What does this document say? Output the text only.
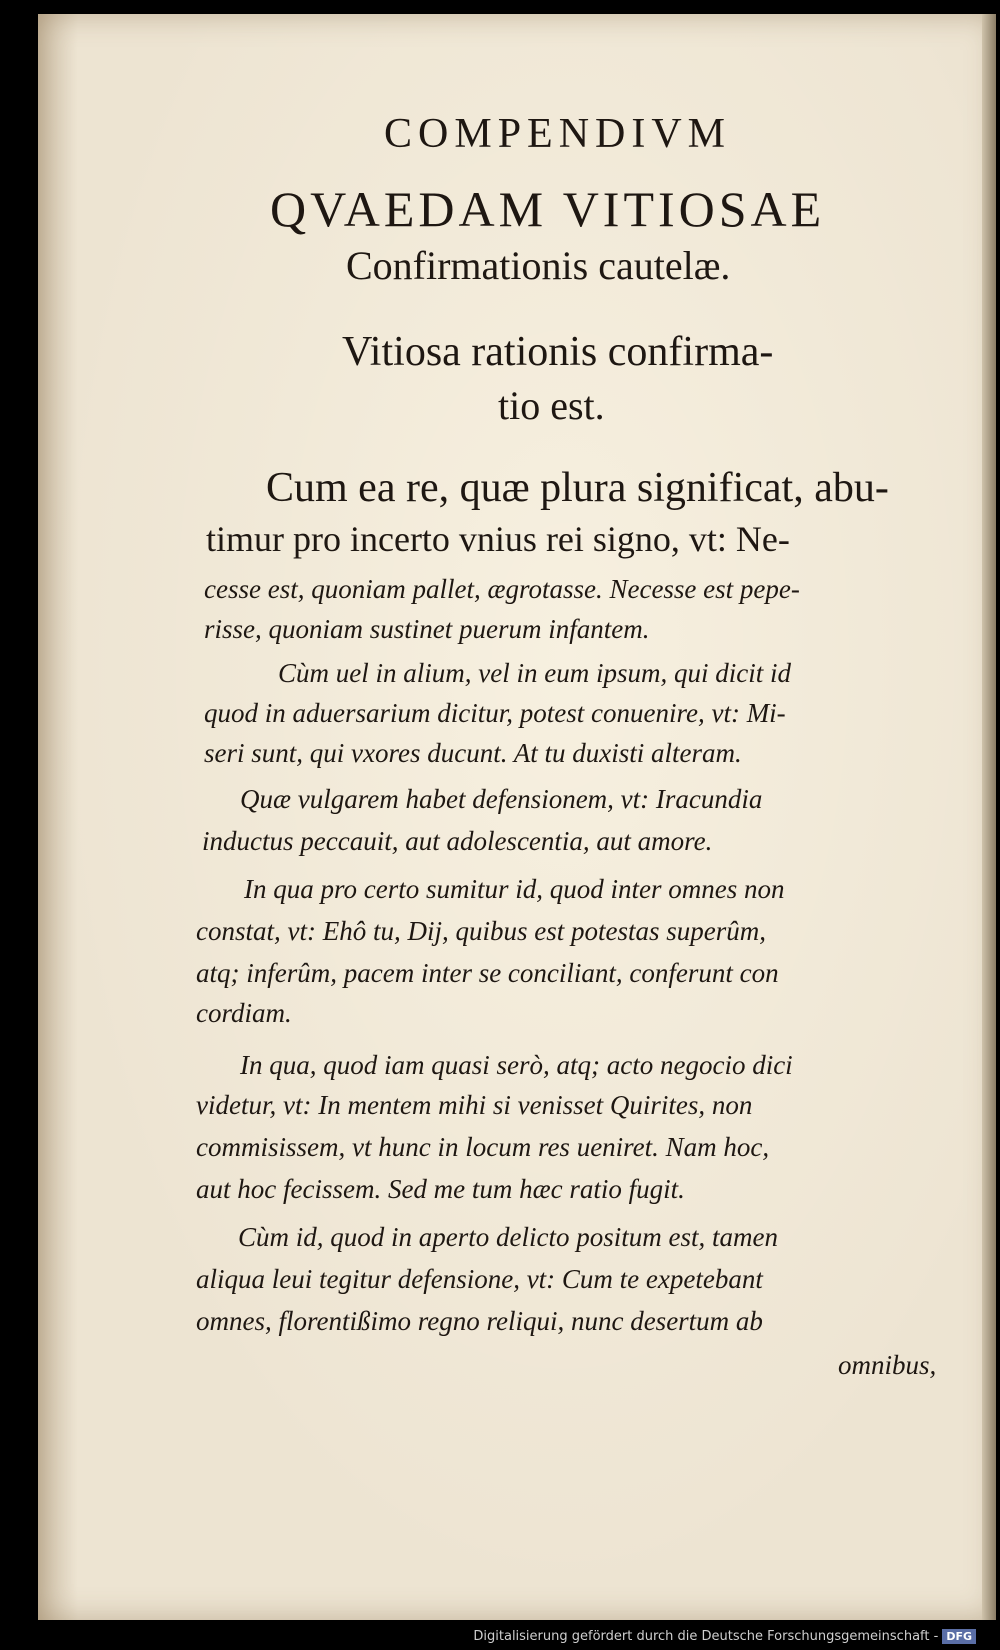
COMPENDIVM
QVAEDAM VITIOSAE
Confirmationis cautelæ.
Vitiosa rationis confirma-
tio est.
Cum ea re, quæ plura significat, abu-
timur pro incerto vnius rei signo, vt: Ne-
cesse est, quoniam pallet, ægrotasse. Necesse est pepe-
risse, quoniam sustinet puerum infantem.
Cùm uel in alium, vel in eum ipsum, qui dicit id
quod in aduersarium dicitur, potest conuenire, vt: Mi-
seri sunt, qui vxores ducunt. At tu duxisti alteram.
Quæ vulgarem habet defensionem, vt: Iracundia
inductus peccauit, aut adolescentia, aut amore.
In qua pro certo sumitur id, quod inter omnes non
constat, vt: Ehô tu, Dij, quibus est potestas superûm,
atq; inferûm, pacem inter se conciliant, conferunt con
cordiam.
In qua, quod iam quasi serò, atq; acto negocio dici
videtur, vt: In mentem mihi si venisset Quirites, non
commisissem, vt hunc in locum res ueniret. Nam hoc,
aut hoc fecissem. Sed me tum hæc ratio fugit.
Cùm id, quod in aperto delicto positum est, tamen
aliqua leui tegitur defensione, vt: Cum te expetebant
omnes, florentißimo regno reliqui, nunc desertum ab
omnibus,
Digitalisierung gefördert durch die Deutsche Forschungsgemeinschaft - DFG
